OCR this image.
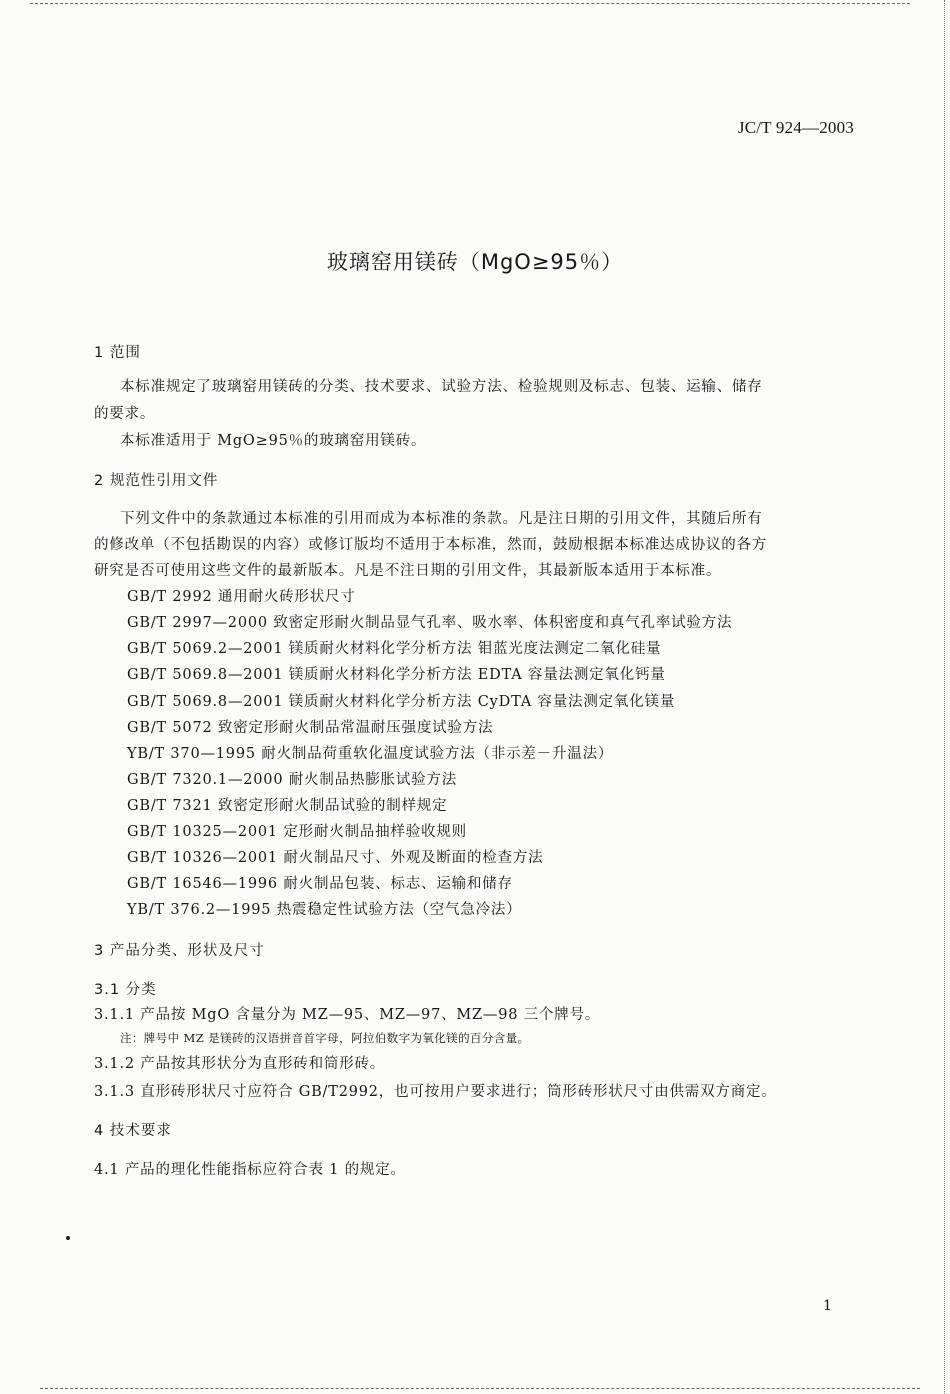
JC/T 924—2003
玻璃窑用镁砖（MgO≥95％）
1 范围
本标准规定了玻璃窑用镁砖的分类、技术要求、试验方法、检验规则及标志、包装、运输、储存
的要求。
本标准适用于 MgO≥95％的玻璃窑用镁砖。
2 规范性引用文件
下列文件中的条款通过本标准的引用而成为本标准的条款。凡是注日期的引用文件，其随后所有
的修改单（不包括勘误的内容）或修订版均不适用于本标准，然而，鼓励根据本标准达成协议的各方
研究是否可使用这些文件的最新版本。凡是不注日期的引用文件，其最新版本适用于本标准。
GB/T 2992 通用耐火砖形状尺寸
GB/T 2997—2000 致密定形耐火制品显气孔率、吸水率、体积密度和真气孔率试验方法
GB/T 5069.2—2001 镁质耐火材料化学分析方法 钼蓝光度法测定二氧化硅量
GB/T 5069.8—2001 镁质耐火材料化学分析方法 EDTA 容量法测定氧化钙量
GB/T 5069.8—2001 镁质耐火材料化学分析方法 CyDTA 容量法测定氧化镁量
GB/T 5072 致密定形耐火制品常温耐压强度试验方法
YB/T 370—1995 耐火制品荷重软化温度试验方法（非示差－升温法）
GB/T 7320.1—2000 耐火制品热膨胀试验方法
GB/T 7321 致密定形耐火制品试验的制样规定
GB/T 10325—2001 定形耐火制品抽样验收规则
GB/T 10326—2001 耐火制品尺寸、外观及断面的检查方法
GB/T 16546—1996 耐火制品包装、标志、运输和储存
YB/T 376.2—1995 热震稳定性试验方法（空气急冷法）
3 产品分类、形状及尺寸
3.1 分类
3.1.1 产品按 MgO 含量分为 MZ—95、MZ—97、MZ—98 三个牌号。
注：牌号中 MZ 是镁砖的汉语拼音首字母，阿拉伯数字为氧化镁的百分含量。
3.1.2 产品按其形状分为直形砖和筒形砖。
3.1.3 直形砖形状尺寸应符合 GB/T2992，也可按用户要求进行；筒形砖形状尺寸由供需双方商定。
4 技术要求
4.1 产品的理化性能指标应符合表 1 的规定。
1
